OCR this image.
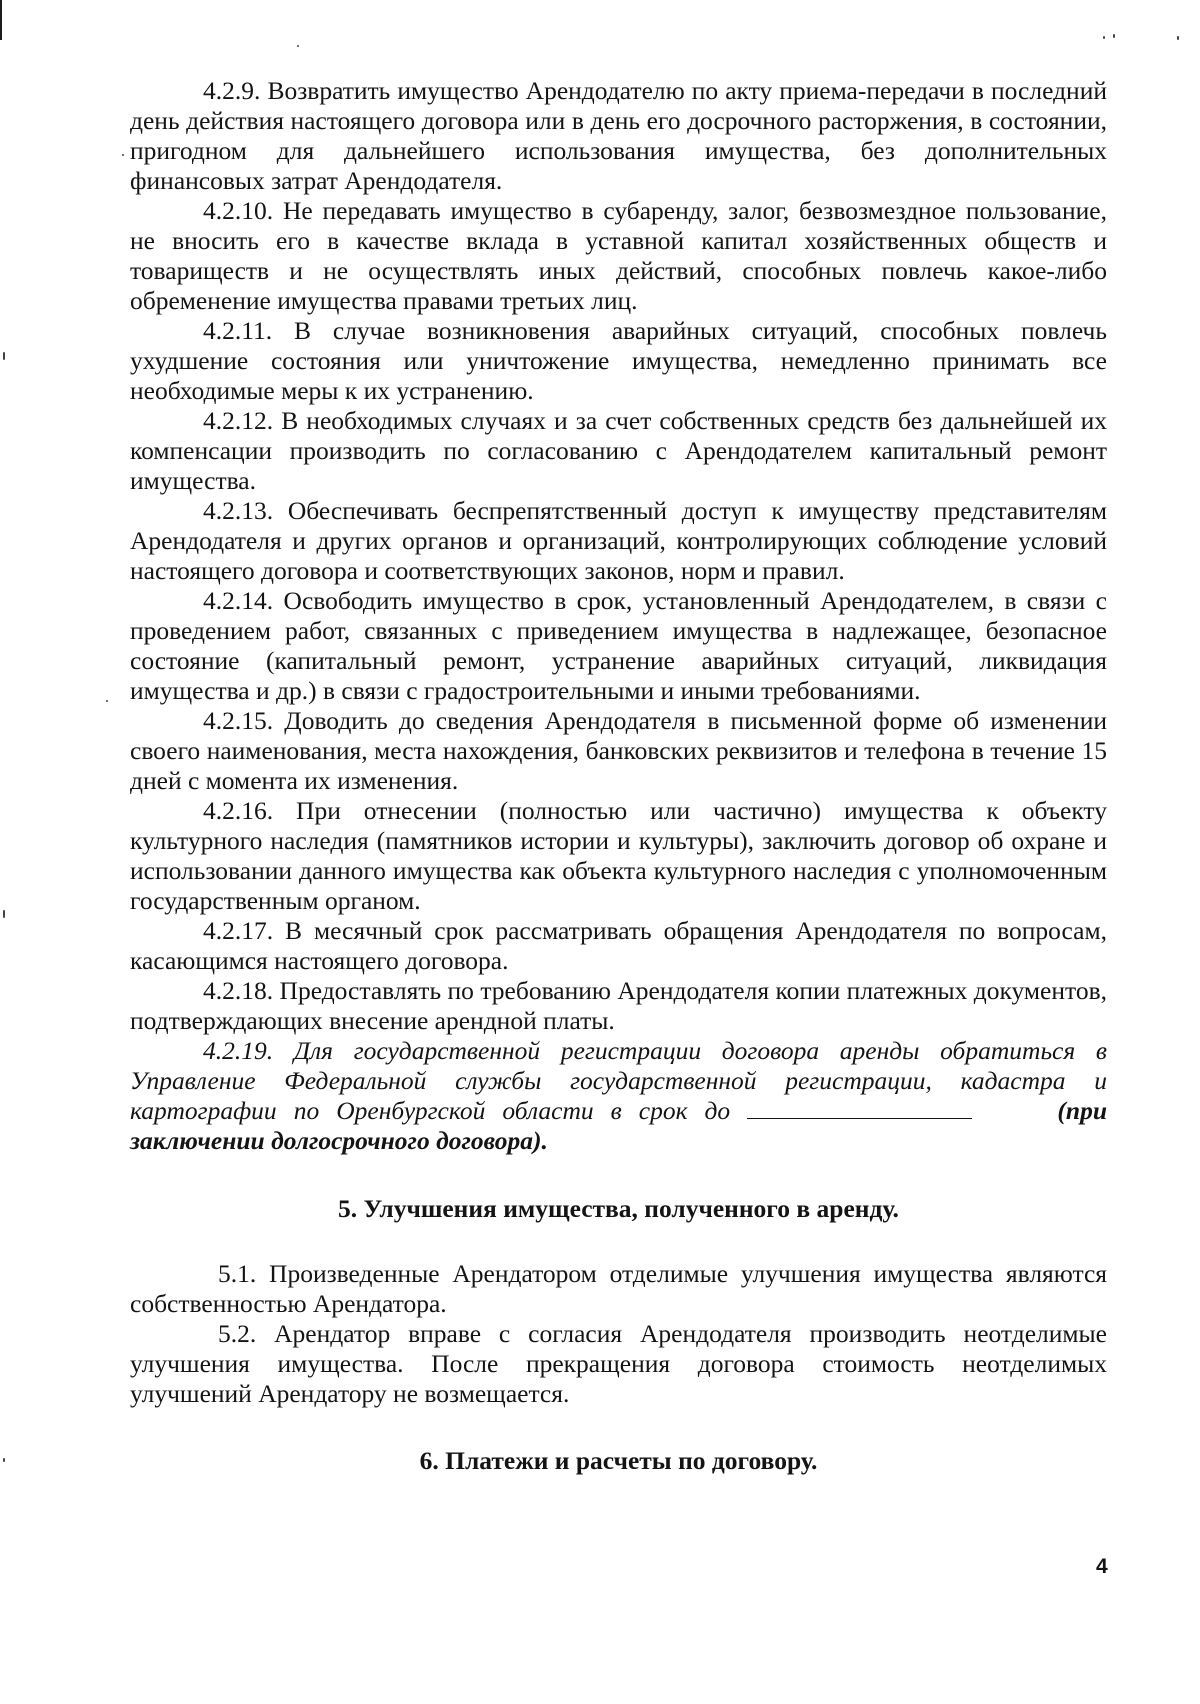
4.2.9. Возвратить имущество Арендодателю по акту приема-передачи в последний день действия настоящего договора или в день его досрочного расторжения, в состоянии, пригодном для дальнейшего использования имущества, без дополнительных финансовых затрат Арендодателя.

4.2.10. Не передавать имущество в субаренду, залог, безвозмездное пользование, не вносить его в качестве вклада в уставной капитал хозяйственных обществ и товариществ и не осуществлять иных действий, способных повлечь какое-либо обременение имущества правами третьих лиц.

4.2.11. В случае возникновения аварийных ситуаций, способных повлечь ухудшение состояния или уничтожение имущества, немедленно принимать все необходимые меры к их устранению.

4.2.12. В необходимых случаях и за счет собственных средств без дальнейшей их компенсации производить по согласованию с Арендодателем капитальный ремонт имущества.

4.2.13. Обеспечивать беспрепятственный доступ к имуществу представителям Арендодателя и других органов и организаций, контролирующих соблюдение условий настоящего договора и соответствующих законов, норм и правил.

4.2.14. Освободить имущество в срок, установленный Арендодателем, в связи с проведением работ, связанных с приведением имущества в надлежащее, безопасное состояние (капитальный ремонт, устранение аварийных ситуаций, ликвидация имущества и др.) в связи с градостроительными и иными требованиями.

4.2.15. Доводить до сведения Арендодателя в письменной форме об изменении своего наименования, места нахождения, банковских реквизитов и телефона в течение 15 дней с момента их изменения.

4.2.16. При отнесении (полностью или частично) имущества к объекту культурного наследия (памятников истории и культуры), заключить договор об охране и использовании данного имущества как объекта культурного наследия с уполномоченным государственным органом.

4.2.17. В месячный срок рассматривать обращения Арендодателя по вопросам, касающимся настоящего договора.

4.2.18. Предоставлять по требованию Арендодателя копии платежных документов, подтверждающих внесение арендной платы.

4.2.19. Для государственной регистрации договора аренды обратиться в Управление Федеральной службы государственной регистрации, кадастра и картографии по Оренбургской области в срок до	(при заключении долгосрочного договора).

5. Улучшения имущества, полученного в аренду.

5.1. Произведенные Арендатором отделимые улучшения имущества являются собственностью Арендатора.

5.2. Арендатор вправе с согласия Арендодателя производить неотделимые улучшения имущества. После прекращения договора стоимость неотделимых улучшений Арендатору не возмещается.

6. Платежи и расчеты по договору.

4
